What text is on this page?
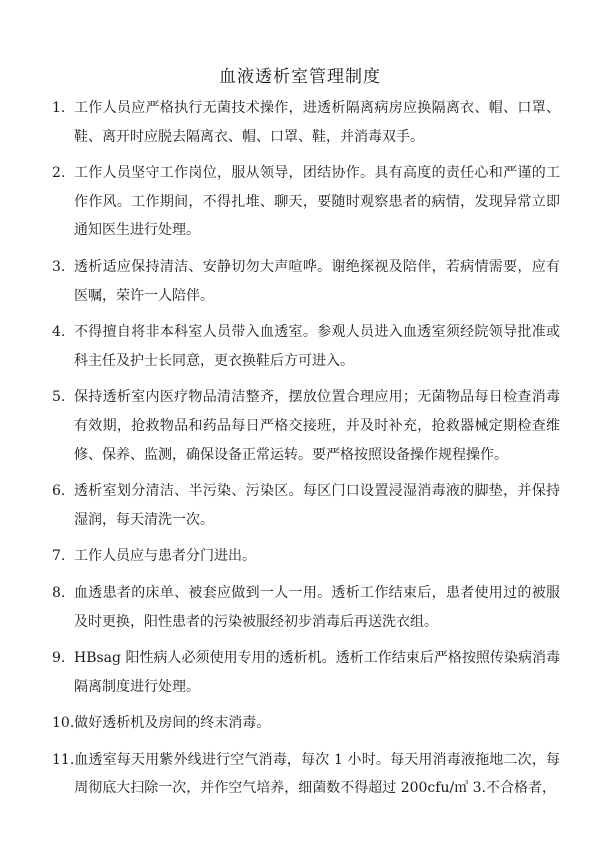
血液透析室管理制度
1. 工作人员应严格执行无菌技术操作，进透析隔离病房应换隔离衣、帽、口罩、鞋、离开时应脱去隔离衣、帽、口罩、鞋，并消毒双手。
2. 工作人员坚守工作岗位，服从领导，团结协作。具有高度的责任心和严谨的工作作风。工作期间，不得扎堆、聊天，要随时观察患者的病情，发现异常立即通知医生进行处理。
3. 透析适应保持清洁、安静切勿大声喧哗。谢绝探视及陪伴，若病情需要，应有医嘱，荣许一人陪伴。
4. 不得擅自将非本科室人员带入血透室。参观人员进入血透室须经院领导批准或科主任及护士长同意，更衣换鞋后方可进入。
5. 保持透析室内医疗物品清洁整齐，摆放位置合理应用；无菌物品每日检查消毒有效期，抢救物品和药品每日严格交接班，并及时补充，抢救器械定期检查维修、保养、监测，确保设备正常运转。要严格按照设备操作规程操作。
6. 透析室划分清洁、半污染、污染区。每区门口设置浸湿消毒液的脚垫，并保持湿润，每天清洗一次。
7. 工作人员应与患者分门进出。
8. 血透患者的床单、被套应做到一人一用。透析工作结束后，患者使用过的被服及时更换，阳性患者的污染被服经初步消毒后再送洗衣组。
9. HBsag 阳性病人必须使用专用的透析机。透析工作结束后严格按照传染病消毒隔离制度进行处理。
10. 做好透析机及房间的终末消毒。
11. 血透室每天用紫外线进行空气消毒，每次 1 小时。每天用消毒液拖地二次，每周彻底大扫除一次，并作空气培养，细菌数不得超过 200cfu/㎥ 3.不合格者，
